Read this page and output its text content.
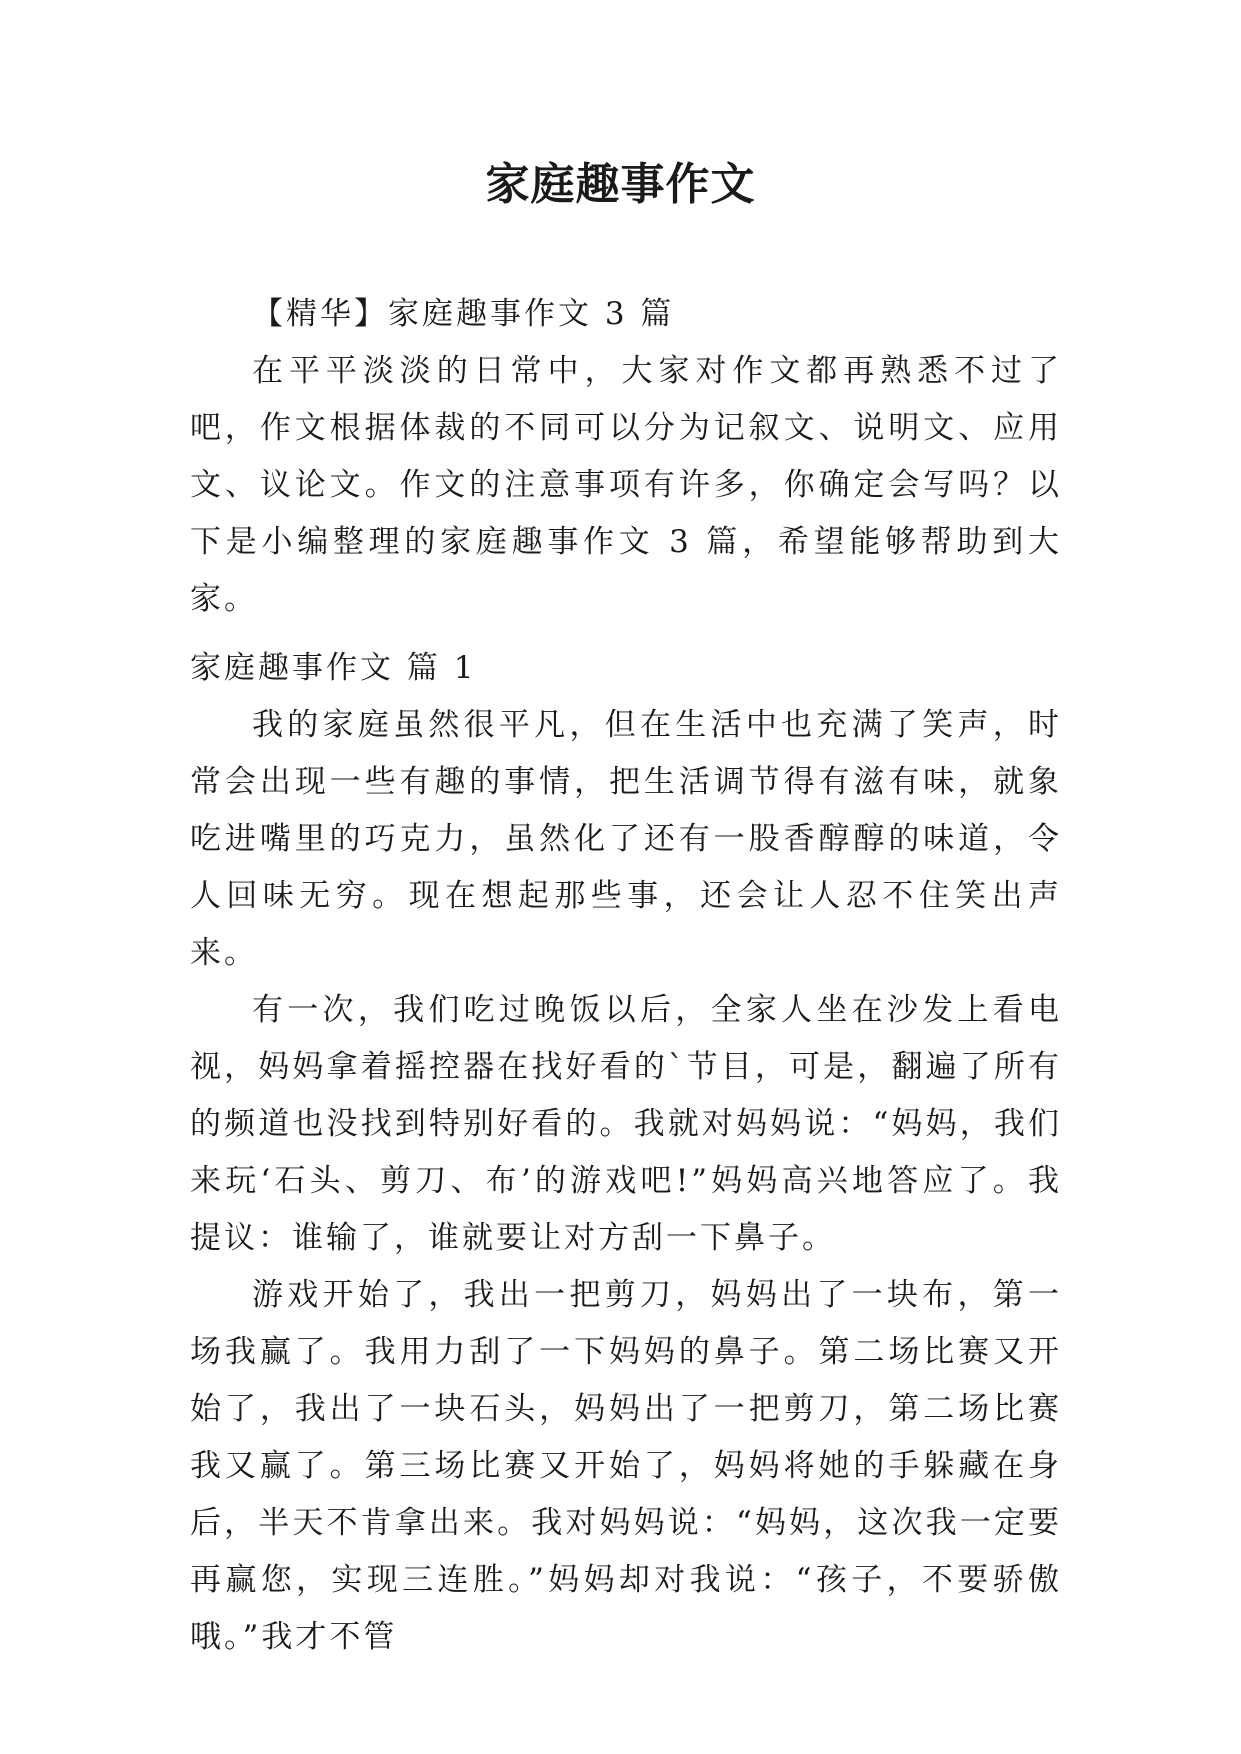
家庭趣事作文

【精华】家庭趣事作文 3 篇

在平平淡淡的日常中，大家对作文都再熟悉不过了吧，作文根据体裁的不同可以分为记叙文、说明文、应用文、议论文。作文的注意事项有许多，你确定会写吗？以下是小编整理的家庭趣事作文 3 篇，希望能够帮助到大家。

家庭趣事作文 篇 1

我的家庭虽然很平凡，但在生活中也充满了笑声，时常会出现一些有趣的事情，把生活调节得有滋有味，就象吃进嘴里的巧克力，虽然化了还有一股香醇醇的味道，令人回味无穷。现在想起那些事，还会让人忍不住笑出声来。

有一次，我们吃过晚饭以后，全家人坐在沙发上看电视，妈妈拿着摇控器在找好看的`节目，可是，翻遍了所有的频道也没找到特别好看的。我就对妈妈说：“妈妈，我们来玩‘石头、剪刀、布’的游戏吧!”妈妈高兴地答应了。我提议：谁输了，谁就要让对方刮一下鼻子。

游戏开始了，我出一把剪刀，妈妈出了一块布，第一场我赢了。我用力刮了一下妈妈的鼻子。第二场比赛又开始了，我出了一块石头，妈妈出了一把剪刀，第二场比赛我又赢了。第三场比赛又开始了，妈妈将她的手躲藏在身后，半天不肯拿出来。我对妈妈说：“妈妈，这次我一定要再赢您，实现三连胜。”妈妈却对我说：“孩子，不要骄傲哦。”我才不管
